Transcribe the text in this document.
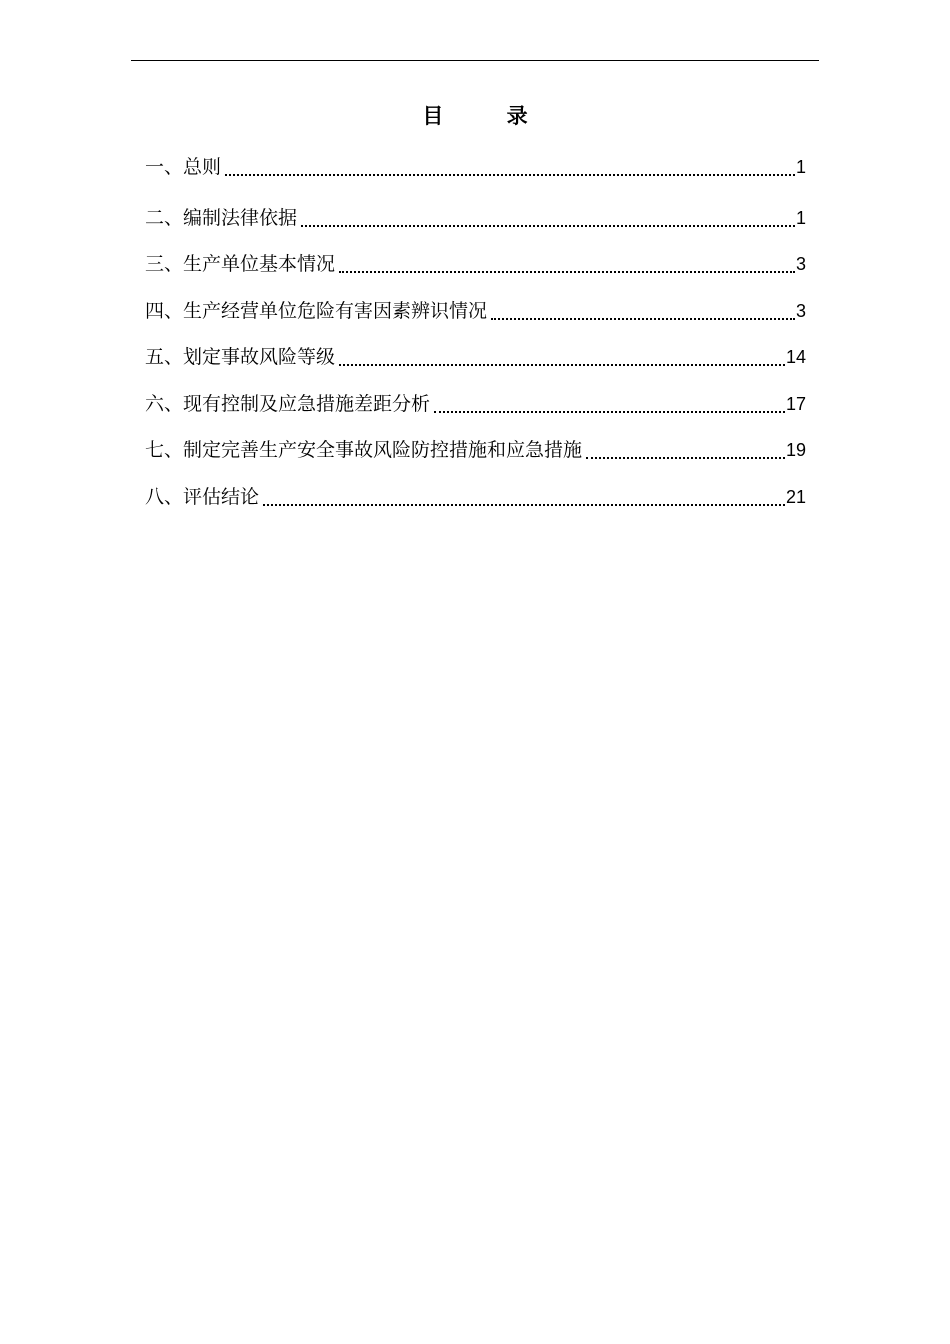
目 录
一、总则	1
二、编制法律依据	1
三、生产单位基本情况	3
四、生产经营单位危险有害因素辨识情况	3
五、划定事故风险等级	14
六、现有控制及应急措施差距分析	17
七、制定完善生产安全事故风险防控措施和应急措施	19
八、评估结论	21
